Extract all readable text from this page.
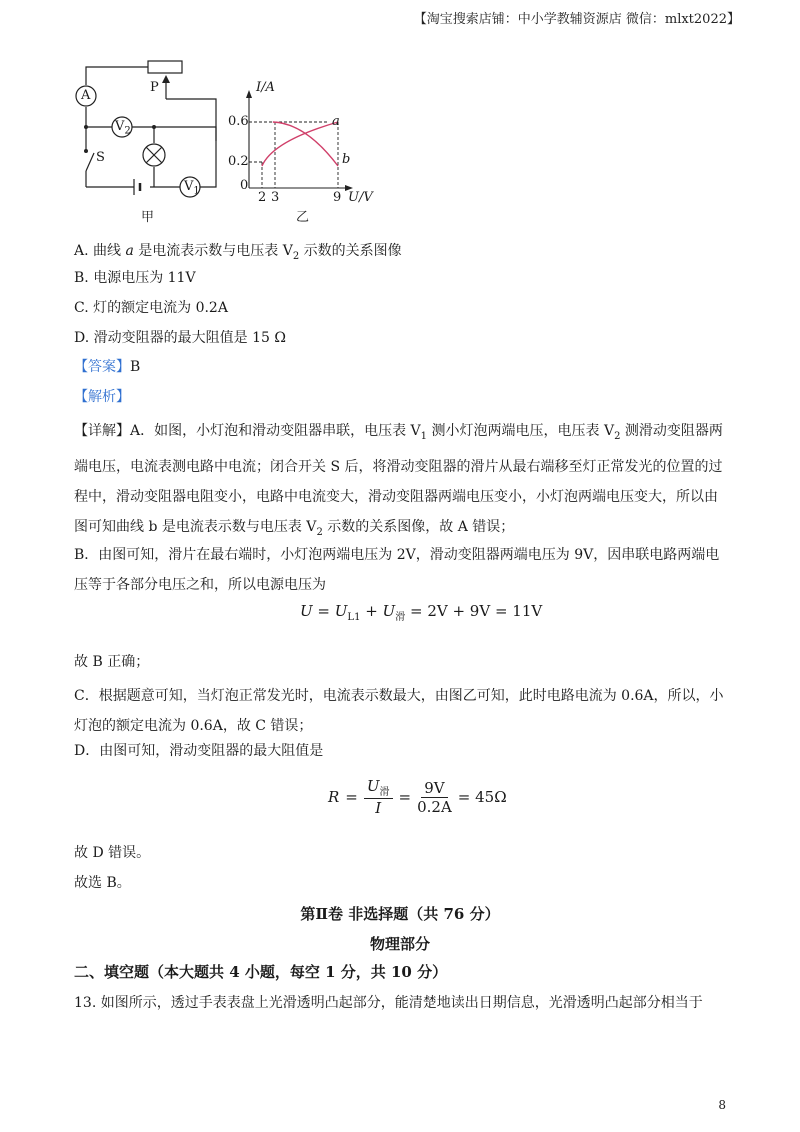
【淘宝搜索店铺：中小学教辅资源店 微信：mlxt2022】
A
P
$V_2$
S
$V_1$
甲
I/A
0.6
0.2
0
2 3	9 U/V
a
b
乙
A. 曲线 a 是电流表示数与电压表 $V_2$ 示数的关系图像
B. 电源电压为 11V
C. 灯的额定电流为 0.2A
D. 滑动变阻器的最大阻值是 15 Ω
【答案】B
【解析】
【详解】A．如图，小灯泡和滑动变阻器串联，电压表 $V_1$ 测小灯泡两端电压，电压表 $V_2$ 测滑动变阻器两端电压，电流表测电路中电流；闭合开关 S 后，将滑动变阻器的滑片从最右端移至灯正常发光的位置的过程中，滑动变阻器电阻变小，电路中电流变大，滑动变阻器两端电压变小，小灯泡两端电压变大，所以由图可知曲线 b 是电流表示数与电压表 $V_2$ 示数的关系图像，故 A 错误；
B．由图可知，滑片在最右端时，小灯泡两端电压为 2V，滑动变阻器两端电压为 9V，因串联电路两端电压等于各部分电压之和，所以电源电压为
$U = U_{L1} + U_滑 = 2V + 9V = 11V$
故 B 正确；
C．根据题意可知，当灯泡正常发光时，电流表示数最大，由图乙可知，此时电路电流为 0.6A，所以，小灯泡的额定电流为 0.6A，故 C 错误；
D．由图可知，滑动变阻器的最大阻值是
R =
$U_滑$
I
= $\frac{9V}{0.2A} = 45\Omega$
故 D 错误。
故选 B。
第Ⅱ卷 非选择题（共 76 分）
物理部分
二、填空题（本大题共 4 小题，每空 1 分，共 10 分）
13. 如图所示，透过手表表盘上光滑透明凸起部分，能清楚地读出日期信息，光滑透明凸起部分相当于
8
